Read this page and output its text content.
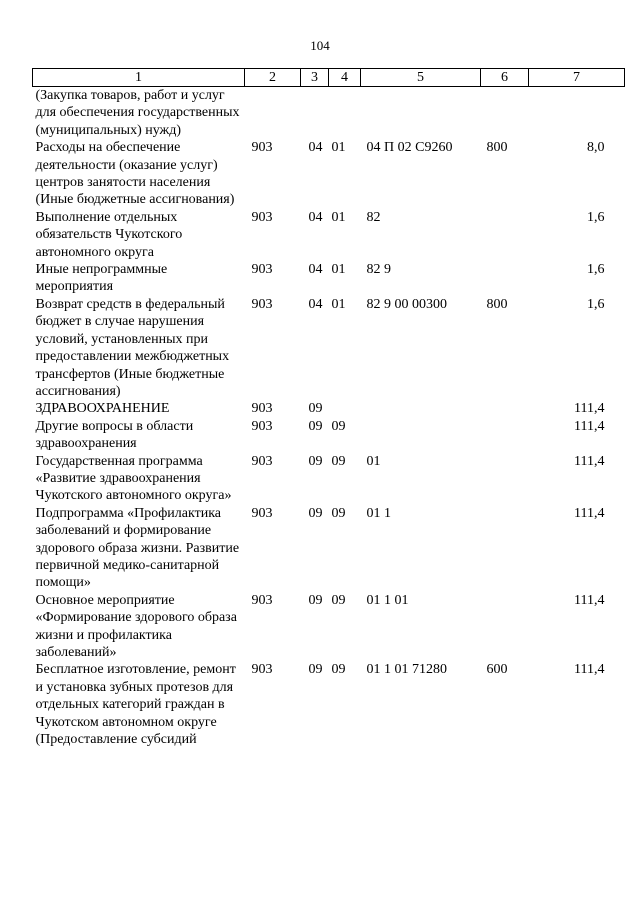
104
1	2	3	4	5	6	7
(Закупка товаров, работ и услуг для обеспечения государственных (муниципальных) нужд)						
Расходы на обеспечение деятельности (оказание услуг) центров занятости населения (Иные бюджетные ассигнования)	903	04	01	04 П 02 С9260	800	8,0
Выполнение отдельных обязательств Чукотского автономного округа	903	04	01	82		1,6
Иные непрограммные мероприятия	903	04	01	82 9		1,6
Возврат средств в федеральный бюджет в случае нарушения условий, установленных при предоставлении межбюджетных трансфертов (Иные бюджетные ассигнования)	903	04	01	82 9 00 00300	800	1,6
ЗДРАВООХРАНЕНИЕ	903	09				111,4
Другие вопросы в области здравоохранения	903	09	09			111,4
Государственная программа «Развитие здравоохранения Чукотского автономного округа»	903	09	09	01		111,4
Подпрограмма «Профилактика заболеваний и формирование здорового образа жизни. Развитие первичной медико-санитарной помощи»	903	09	09	01 1		111,4
Основное мероприятие «Формирование здорового образа жизни и профилактика заболеваний»	903	09	09	01 1 01		111,4
Бесплатное изготовление, ремонт и установка зубных протезов для отдельных категорий граждан в Чукотском автономном округе (Предоставление субсидий	903	09	09	01 1 01 71280	600	111,4
